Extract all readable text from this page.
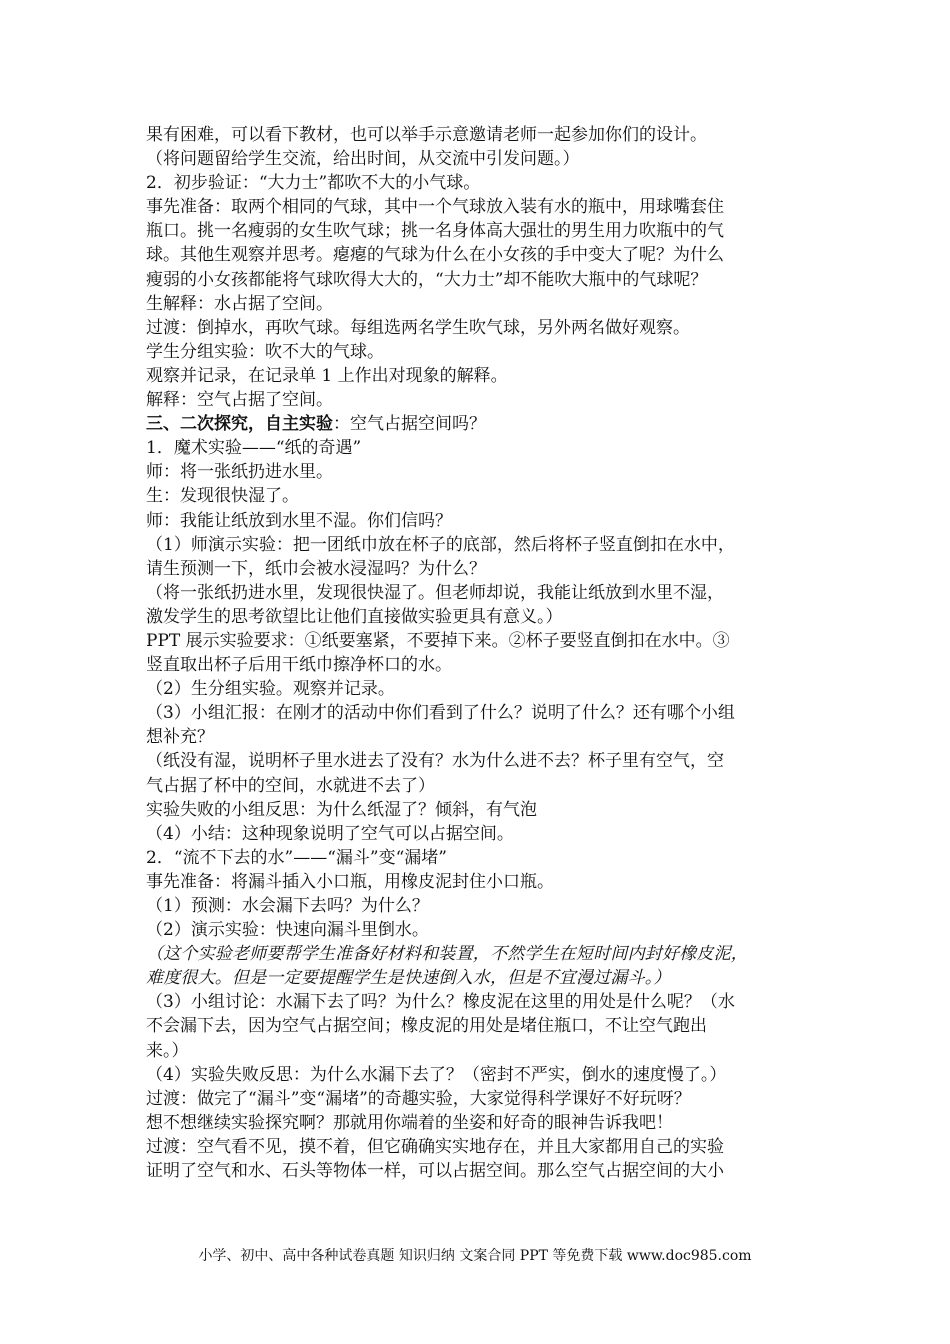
果有困难，可以看下教材，也可以举手示意邀请老师一起参加你们的设计。
（将问题留给学生交流，给出时间，从交流中引发问题。）
2．初步验证：“大力士”都吹不大的小气球。
事先准备：取两个相同的气球，其中一个气球放入装有水的瓶中，用球嘴套住
瓶口。挑一名瘦弱的女生吹气球；挑一名身体高大强壮的男生用力吹瓶中的气
球。其他生观察并思考。瘪瘪的气球为什么在小女孩的手中变大了呢？为什么
瘦弱的小女孩都能将气球吹得大大的，“大力士”却不能吹大瓶中的气球呢？
生解释：水占据了空间。
过渡：倒掉水，再吹气球。每组选两名学生吹气球，另外两名做好观察。
学生分组实验：吹不大的气球。
观察并记录，在记录单 1 上作出对现象的解释。
解释：空气占据了空间。
三、二次探究，自主实验：空气占据空间吗？
1．魔术实验——“纸的奇遇”
师：将一张纸扔进水里。
生：发现很快湿了。
师：我能让纸放到水里不湿。你们信吗？
（1）师演示实验：把一团纸巾放在杯子的底部，然后将杯子竖直倒扣在水中，
请生预测一下，纸巾会被水浸湿吗？为什么？
（将一张纸扔进水里，发现很快湿了。但老师却说，我能让纸放到水里不湿，
激发学生的思考欲望比让他们直接做实验更具有意义。）
PPT 展示实验要求：①纸要塞紧，不要掉下来。②杯子要竖直倒扣在水中。③
竖直取出杯子后用干纸巾擦净杯口的水。
（2）生分组实验。观察并记录。
（3）小组汇报：在刚才的活动中你们看到了什么？说明了什么？还有哪个小组
想补充？
（纸没有湿，说明杯子里水进去了没有？水为什么进不去？杯子里有空气，空
气占据了杯中的空间，水就进不去了）
实验失败的小组反思：为什么纸湿了？倾斜，有气泡
（4）小结：这种现象说明了空气可以占据空间。
2．“流不下去的水”——“漏斗”变“漏堵”
事先准备：将漏斗插入小口瓶，用橡皮泥封住小口瓶。
（1）预测：水会漏下去吗？为什么？
（2）演示实验：快速向漏斗里倒水。
（这个实验老师要帮学生准备好材料和装置，不然学生在短时间内封好橡皮泥，
难度很大。但是一定要提醒学生是快速倒入水，但是不宜漫过漏斗。）
（3）小组讨论：水漏下去了吗？为什么？橡皮泥在这里的用处是什么呢？（水
不会漏下去，因为空气占据空间；橡皮泥的用处是堵住瓶口，不让空气跑出
来。）
（4）实验失败反思：为什么水漏下去了？（密封不严实，倒水的速度慢了。）
过渡：做完了“漏斗”变“漏堵”的奇趣实验，大家觉得科学课好不好玩呀？
想不想继续实验探究啊？那就用你端着的坐姿和好奇的眼神告诉我吧！
过渡：空气看不见，摸不着，但它确确实实地存在，并且大家都用自己的实验
证明了空气和水、石头等物体一样，可以占据空间。那么空气占据空间的大小
小学、初中、高中各种试卷真题 知识归纳 文案合同 PPT 等免费下载 www.doc985.com
